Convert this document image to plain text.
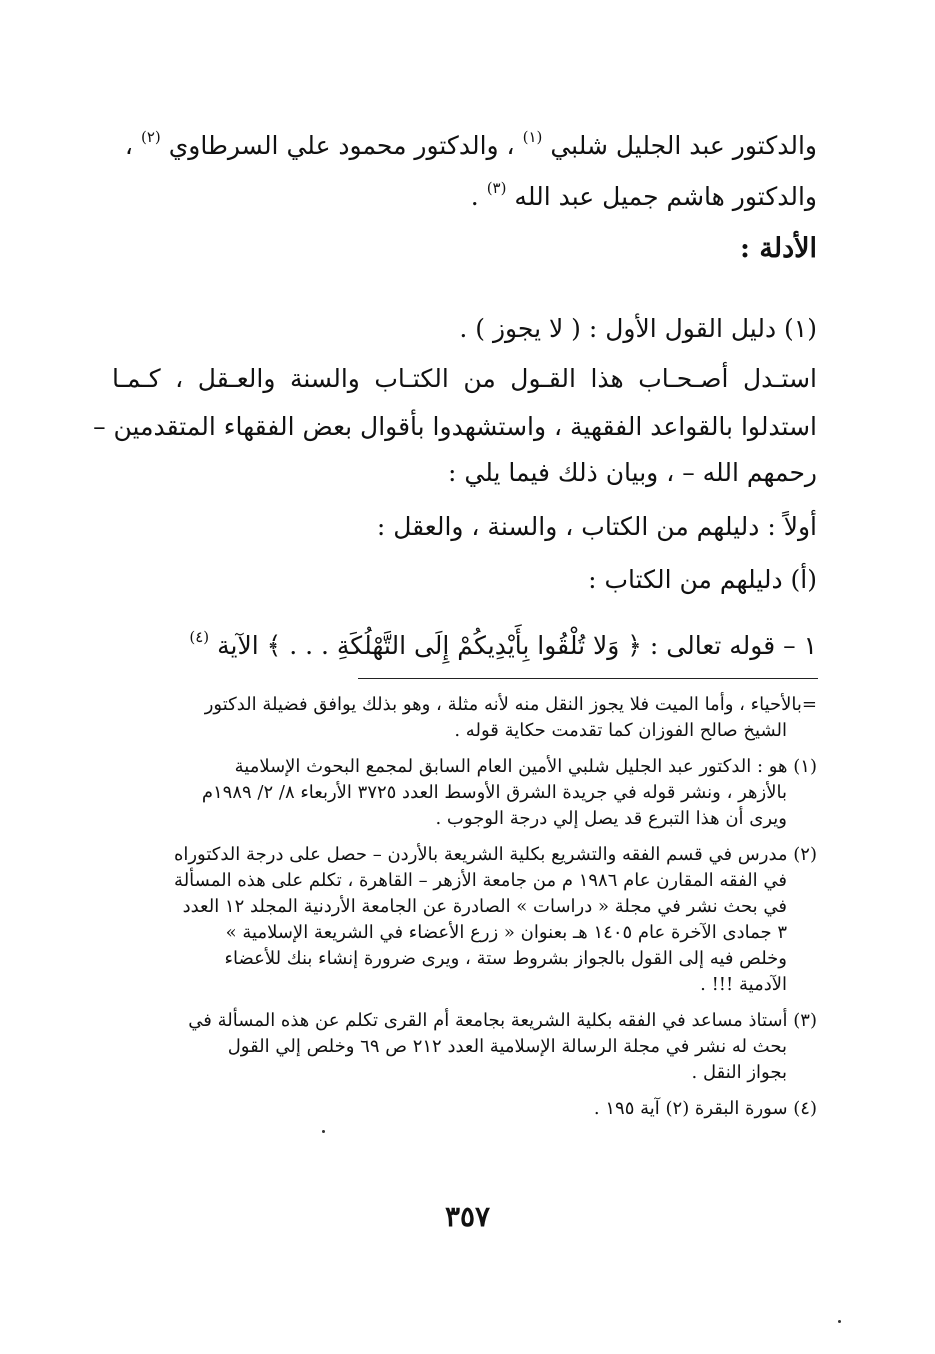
والدكتور عبد الجليل شلبي $^{(١)}$ ، والدكتور محمود علي السرطاوي $^{(٢)}$ ،
والدكتور هاشم جميل عبد الله $^{(٣)}$ .
الأدلة :
(١) دليل القول الأول : ( لا يجوز ) .
استـدل أصـحـاب هذا القـول من الكتـاب والسنة والعـقل ، كـمـا
استدلوا بالقواعد الفقهية ، واستشهدوا بأقوال بعض الفقهاء المتقدمين –
رحمهم الله – ، وبيان ذلك فيما يلي :
أولاً : دليلهم من الكتاب ، والسنة ، والعقل :
(أ) دليلهم من الكتاب :
١ – قوله تعالى : ﴿ وَلا تُلْقُوا بِأَيْدِيكُمْ إِلَى التَّهْلُكَةِ . . . ﴾ الآية $^{(٤)}$
=بالأحياء ، وأما الميت فلا يجوز النقل منه لأنه مثلة ، وهو بذلك يوافق فضيلة الدكتور
الشيخ صالح الفوزان كما تقدمت حكاية قوله .
(١) هو : الدكتور عبد الجليل شلبي الأمين العام السابق لمجمع البحوث الإسلامية
بالأزهر ، ونشر قوله في جريدة الشرق الأوسط العدد ٣٧٢٥ الأربعاء ٨/ ٢/ ١٩٨٩م
ويرى أن هذا التبرع قد يصل إلي درجة الوجوب .
(٢) مدرس في قسم الفقه والتشريع بكلية الشريعة بالأردن – حصل على درجة الدكتوراه
في الفقه المقارن عام ١٩٨٦ م من جامعة الأزهر – القاهرة ، تكلم على هذه المسألة
في بحث نشر في مجلة « دراسات » الصادرة عن الجامعة الأردنية المجلد ١٢ العدد
٣ جمادى الآخرة عام ١٤٠٥ هـ بعنوان « زرع الأعضاء في الشريعة الإسلامية »
وخلص فيه إلى القول بالجواز بشروط ستة ، ويرى ضرورة إنشاء بنك للأعضاء
الآدمية !!! .
(٣) أستاذ مساعد في الفقه بكلية الشريعة بجامعة أم القرى تكلم عن هذه المسألة في
بحث له نشر في مجلة الرسالة الإسلامية العدد ٢١٢ ص ٦٩ وخلص إلي القول
بجواز النقل .
(٤) سورة البقرة (٢) آية ١٩٥ .
٣٥٧
